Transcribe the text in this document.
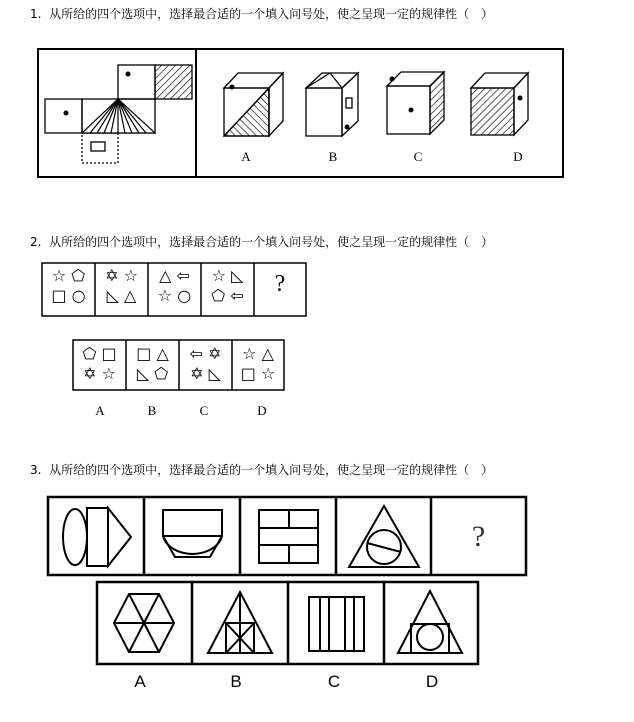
1. 从所给的四个选项中，选择最合适的一个填入问号处，使之呈现一定的规律性（　）
A	B	C	D
2. 从所给的四个选项中，选择最合适的一个填入问号处，使之呈现一定的规律性（　）
☆ ⬠
□ ○
✡ ☆
◺ △
△ ⇦
☆ ○
☆ ◺
⬠ ⇦	?
⬠ □
✡ ☆
□ △
◺ ⬠
⇦ ✡
✡ ◺
☆ △
□ ☆
A	B	C	D
3. 从所给的四个选项中，选择最合适的一个填入问号处，使之呈现一定的规律性（　）
?
A	B	C	D
